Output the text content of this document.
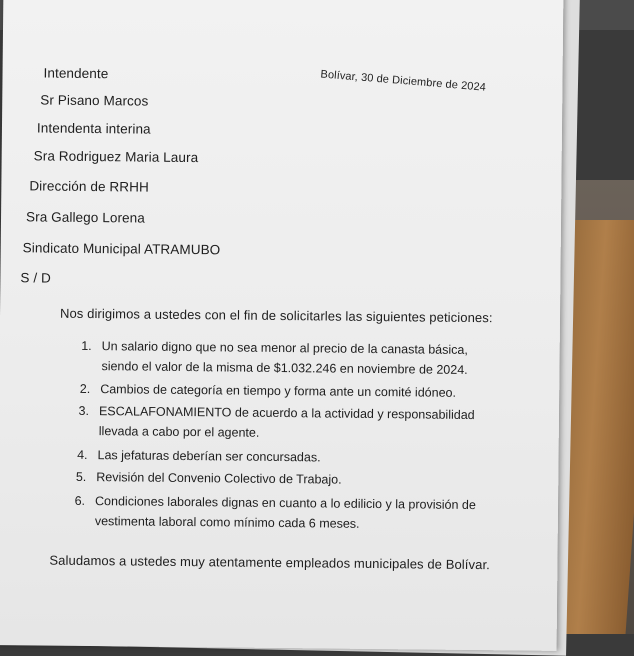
Bolívar, 30 de Diciembre de 2024
Intendente
Sr Pisano Marcos
Intendenta interina
Sra Rodriguez Maria Laura
Dirección de RRHH
Sra Gallego Lorena
Sindicato Municipal ATRAMUBO
S / D
Nos dirigimos a ustedes con el fin de solicitarles las siguientes peticiones:
1. Un salario digno que no sea menor al precio de la canasta básica,
siendo el valor de la misma de $1.032.246 en noviembre de 2024.
2. Cambios de categoría en tiempo y forma ante un comité idóneo.
3. ESCALAFONAMIENTO de acuerdo a la actividad y responsabilidad
llevada a cabo por el agente.
4. Las jefaturas deberían ser concursadas.
5. Revisión del Convenio Colectivo de Trabajo.
6. Condiciones laborales dignas en cuanto a lo edilicio y la provisión de
vestimenta laboral como mínimo cada 6 meses.
Saludamos a ustedes muy atentamente empleados municipales de Bolívar.
